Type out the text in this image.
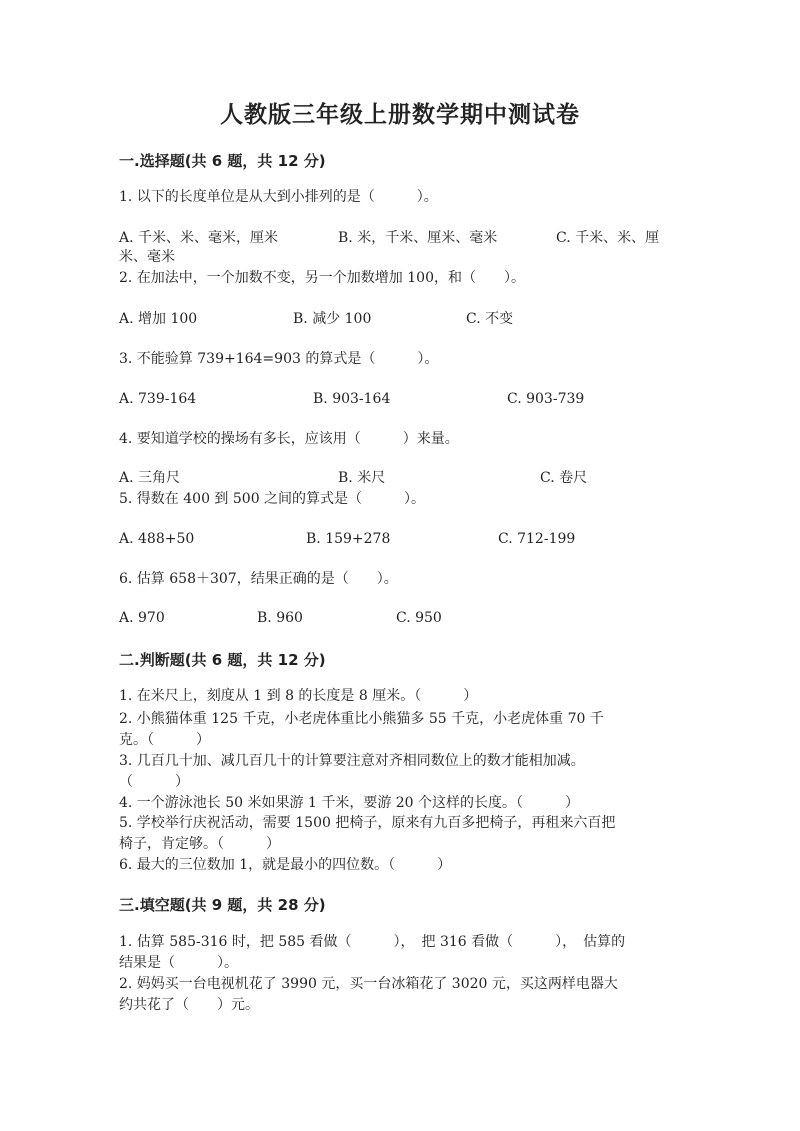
人教版三年级上册数学期中测试卷
一.选择题(共 6 题，共 12 分)
1. 以下的长度单位是从大到小排列的是（　　　）。
A. 千米、米、毫米，厘米	B. 米，千米、厘米、毫米	C. 千米、米、厘
米、毫米
2. 在加法中，一个加数不变，另一个加数增加 100，和（　　）。
A. 增加 100	B. 减少 100	C. 不变
3. 不能验算 739+164=903 的算式是（　　　）。
A. 739-164	B. 903-164	C. 903-739
4. 要知道学校的操场有多长，应该用（　　　）来量。
A. 三角尺	B. 米尺	C. 卷尺
5. 得数在 400 到 500 之间的算式是（　　　）。
A. 488+50	B. 159+278	C. 712-199
6. 估算 658＋307，结果正确的是（　　）。
A. 970	B. 960	C. 950
二.判断题(共 6 题，共 12 分)
1. 在米尺上，刻度从 1 到 8 的长度是 8 厘米。（　　　）
2. 小熊猫体重 125 千克，小老虎体重比小熊猫多 55 千克，小老虎体重 70 千
克。（　　　）
3. 几百几十加、减几百几十的计算要注意对齐相同数位上的数才能相加减。
（　　　）
4. 一个游泳池长 50 米如果游 1 千米，要游 20 个这样的长度。（　　　）
5. 学校举行庆祝活动，需要 1500 把椅子，原来有九百多把椅子，再租来六百把
椅子，肯定够。（　　　）
6. 最大的三位数加 1，就是最小的四位数。（　　　）
三.填空题(共 9 题，共 28 分)
1. 估算 585-316 时，把 585 看做（　　　），　把 316 看做（　　　），　估算的
结果是（　　　）。
2. 妈妈买一台电视机花了 3990 元，买一台冰箱花了 3020 元，买这两样电器大
约共花了（　　）元。
